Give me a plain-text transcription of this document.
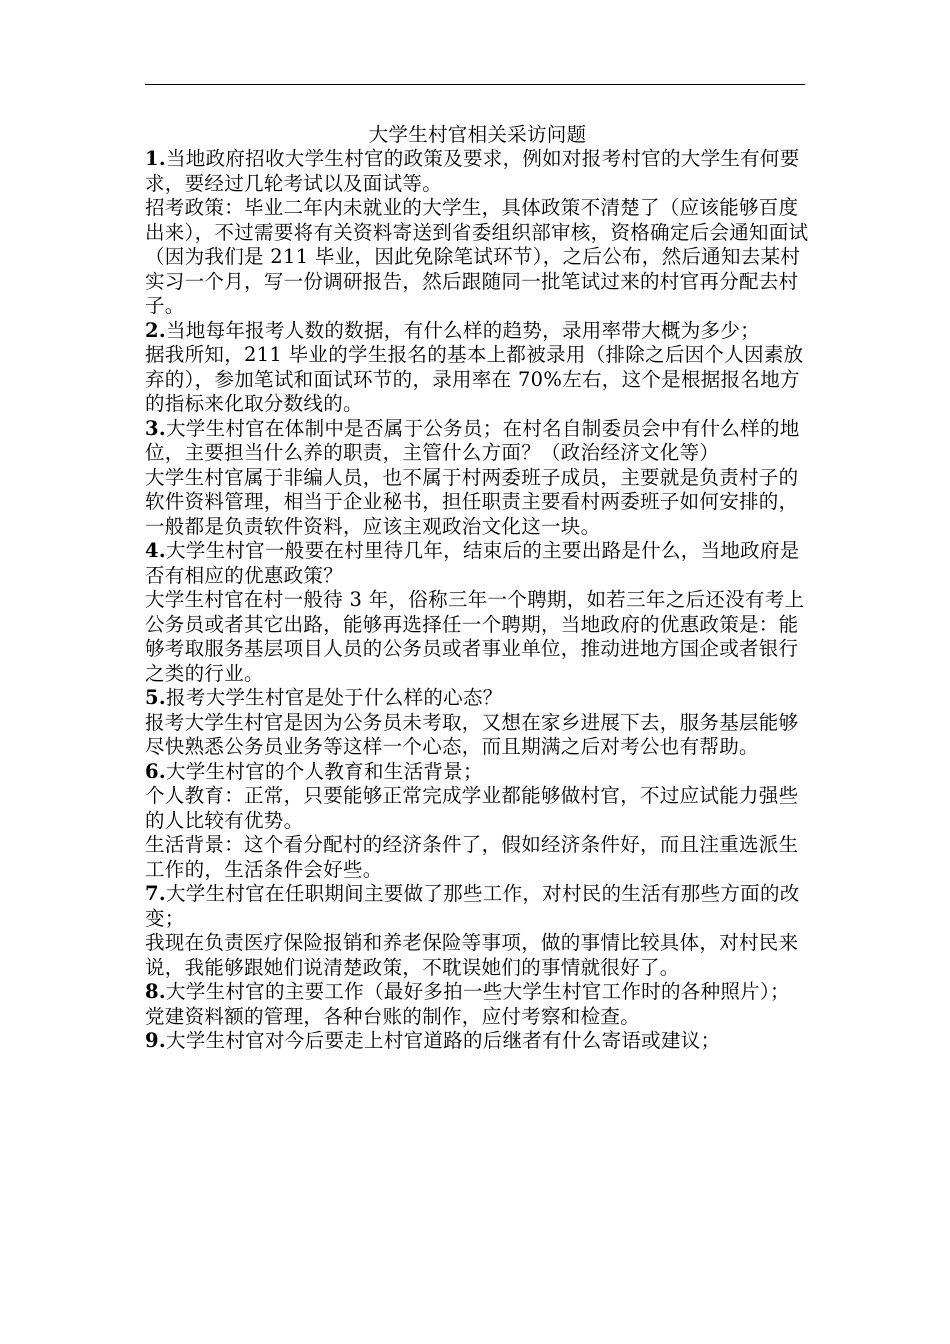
大学生村官相关采访问题

1.当地政府招收大学生村官的政策及要求，例如对报考村官的大学生有何要求，要经过几轮考试以及面试等。

招考政策：毕业二年内未就业的大学生，具体政策不清楚了（应该能够百度出来），不过需要将有关资料寄送到省委组织部审核，资格确定后会通知面试（因为我们是 211 毕业，因此免除笔试环节），之后公布，然后通知去某村实习一个月，写一份调研报告，然后跟随同一批笔试过来的村官再分配去村子。

2.当地每年报考人数的数据，有什么样的趋势，录用率带大概为多少；

据我所知，211 毕业的学生报名的基本上都被录用（排除之后因个人因素放弃的），参加笔试和面试环节的，录用率在 70%左右，这个是根据报名地方的指标来化取分数线的。

3.大学生村官在体制中是否属于公务员；在村名自制委员会中有什么样的地位，主要担当什么养的职责，主管什么方面？（政治经济文化等）

大学生村官属于非编人员，也不属于村两委班子成员，主要就是负责村子的软件资料管理，相当于企业秘书，担任职责主要看村两委班子如何安排的，一般都是负责软件资料，应该主观政治文化这一块。

4.大学生村官一般要在村里待几年，结束后的主要出路是什么，当地政府是否有相应的优惠政策？

大学生村官在村一般待 3 年，俗称三年一个聘期，如若三年之后还没有考上公务员或者其它出路，能够再选择任一个聘期，当地政府的优惠政策是：能够考取服务基层项目人员的公务员或者事业单位，推动进地方国企或者银行之类的行业。

5.报考大学生村官是处于什么样的心态？

报考大学生村官是因为公务员未考取，又想在家乡进展下去，服务基层能够尽快熟悉公务员业务等这样一个心态，而且期满之后对考公也有帮助。

6.大学生村官的个人教育和生活背景；

个人教育：正常，只要能够正常完成学业都能够做村官，不过应试能力强些的人比较有优势。

生活背景：这个看分配村的经济条件了，假如经济条件好，而且注重选派生工作的，生活条件会好些。

7.大学生村官在任职期间主要做了那些工作，对村民的生活有那些方面的改变；

我现在负责医疗保险报销和养老保险等事项，做的事情比较具体，对村民来说，我能够跟她们说清楚政策，不耽误她们的事情就很好了。

8.大学生村官的主要工作（最好多拍一些大学生村官工作时的各种照片）；

党建资料额的管理，各种台账的制作，应付考察和检查。

9.大学生村官对今后要走上村官道路的后继者有什么寄语或建议；
